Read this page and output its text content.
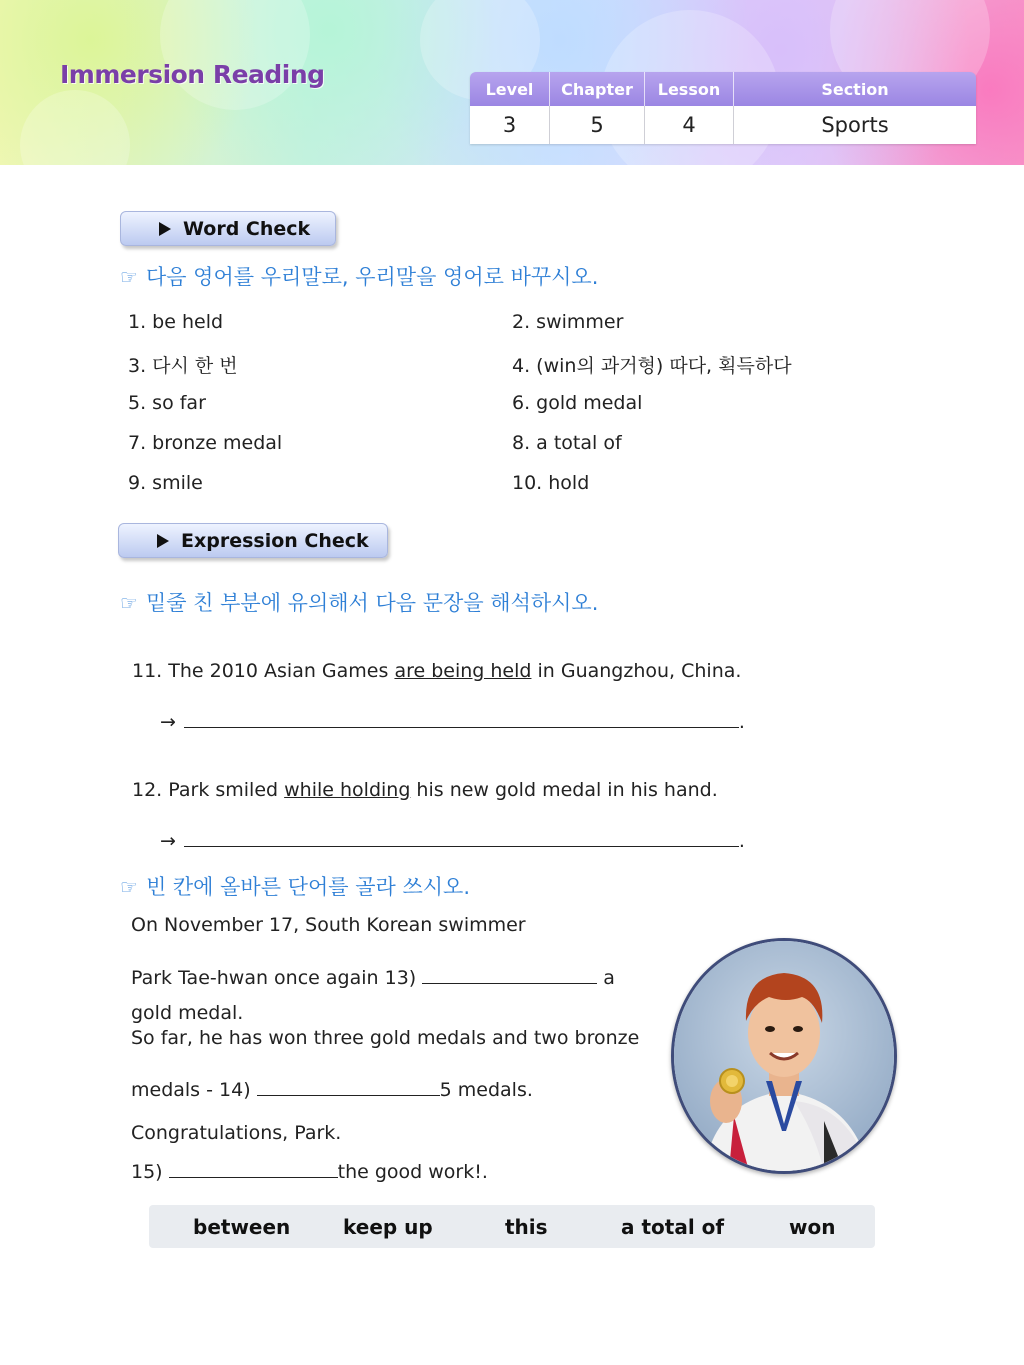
Immersion Reading	Level	Chapter	Lesson	Section
3	5	4	Sports
Word Check
☞ 다음 영어를 우리말로, 우리말을 영어로 바꾸시오.
1. be held	2. swimmer
3. 다시 한 번	4. (win의 과거형) 따다, 획득하다
5. so far	6. gold medal
7. bronze medal	8. a total of
9. smile	10. hold
Expression Check
☞ 밑줄 친 부분에 유의해서 다음 문장을 해석하시오.
11. The 2010 Asian Games are being held in Guangzhou, China.
→	.
12. Park smiled while holding his new gold medal in his hand.
→	.
☞ 빈 칸에 올바른 단어를 골라 쓰시오.
On November 17, South Korean swimmer
Park Tae-hwan once again 13)	a
gold medal.
So far, he has won three gold medals and two bronze
medals - 14)	5 medals.
Congratulations, Park.
15)	the good work!.
between	keep up	this	a total of	won
